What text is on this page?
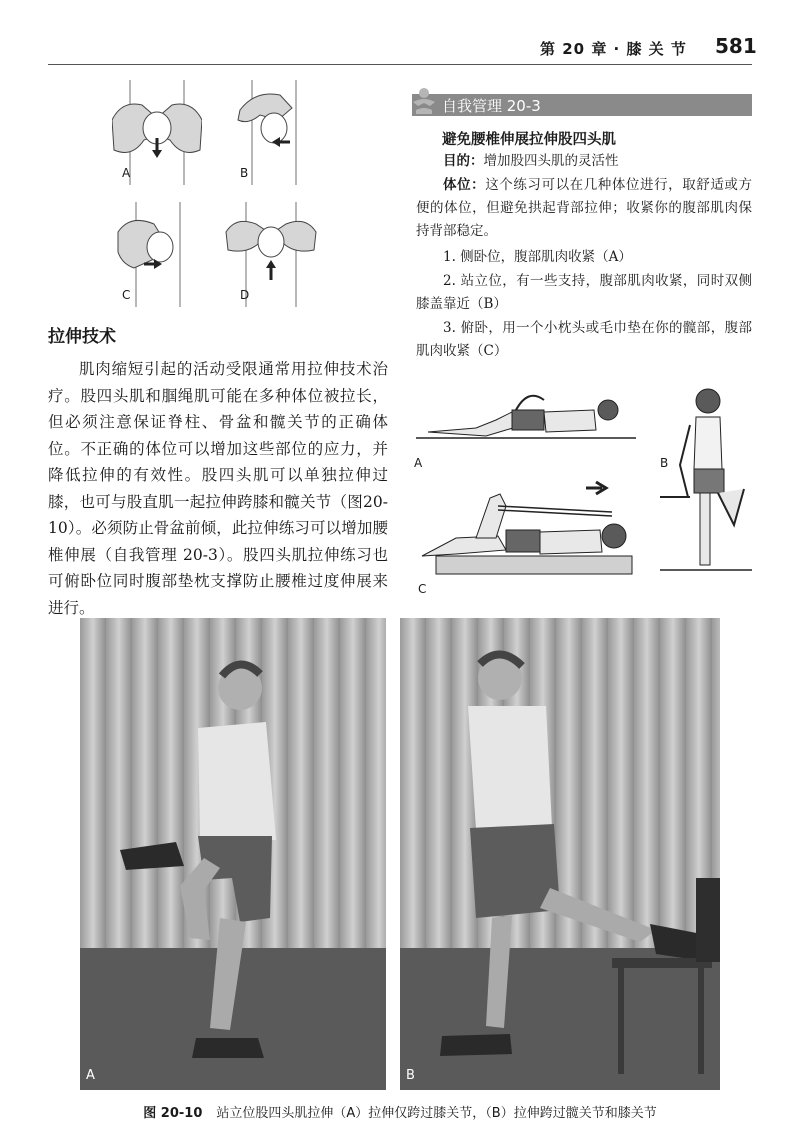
第 20 章 · 膝 关 节 581
A	B
C	D
拉伸技术
肌肉缩短引起的活动受限通常用拉伸技术治疗。股四头肌和腘绳肌可能在多种体位被拉长，但必须注意保证脊柱、骨盆和髋关节的正确体位。不正确的体位可以增加这些部位的应力，并降低拉伸的有效性。股四头肌可以单独拉伸过膝，也可与股直肌一起拉伸跨膝和髋关节（图20-10）。必须防止骨盆前倾，此拉伸练习可以增加腰椎伸展（自我管理 20-3）。股四头肌拉伸练习也可俯卧位同时腹部垫枕支撑防止腰椎过度伸展来进行。
自我管理 20-3
避免腰椎伸展拉伸股四头肌
目的：增加股四头肌的灵活性
体位：这个练习可以在几种体位进行，取舒适或方便的体位，但避免拱起背部拉伸；收紧你的腹部肌肉保持背部稳定。
1. 侧卧位，腹部肌肉收紧（A）
2. 站立位，有一些支持，腹部肌肉收紧，同时双侧膝盖靠近（B）
3. 俯卧，用一个小枕头或毛巾垫在你的髋部，腹部肌肉收紧（C）
A	B
C
A	B
图 20-10 站立位股四头肌拉伸（A）拉伸仅跨过膝关节，（B）拉伸跨过髋关节和膝关节
